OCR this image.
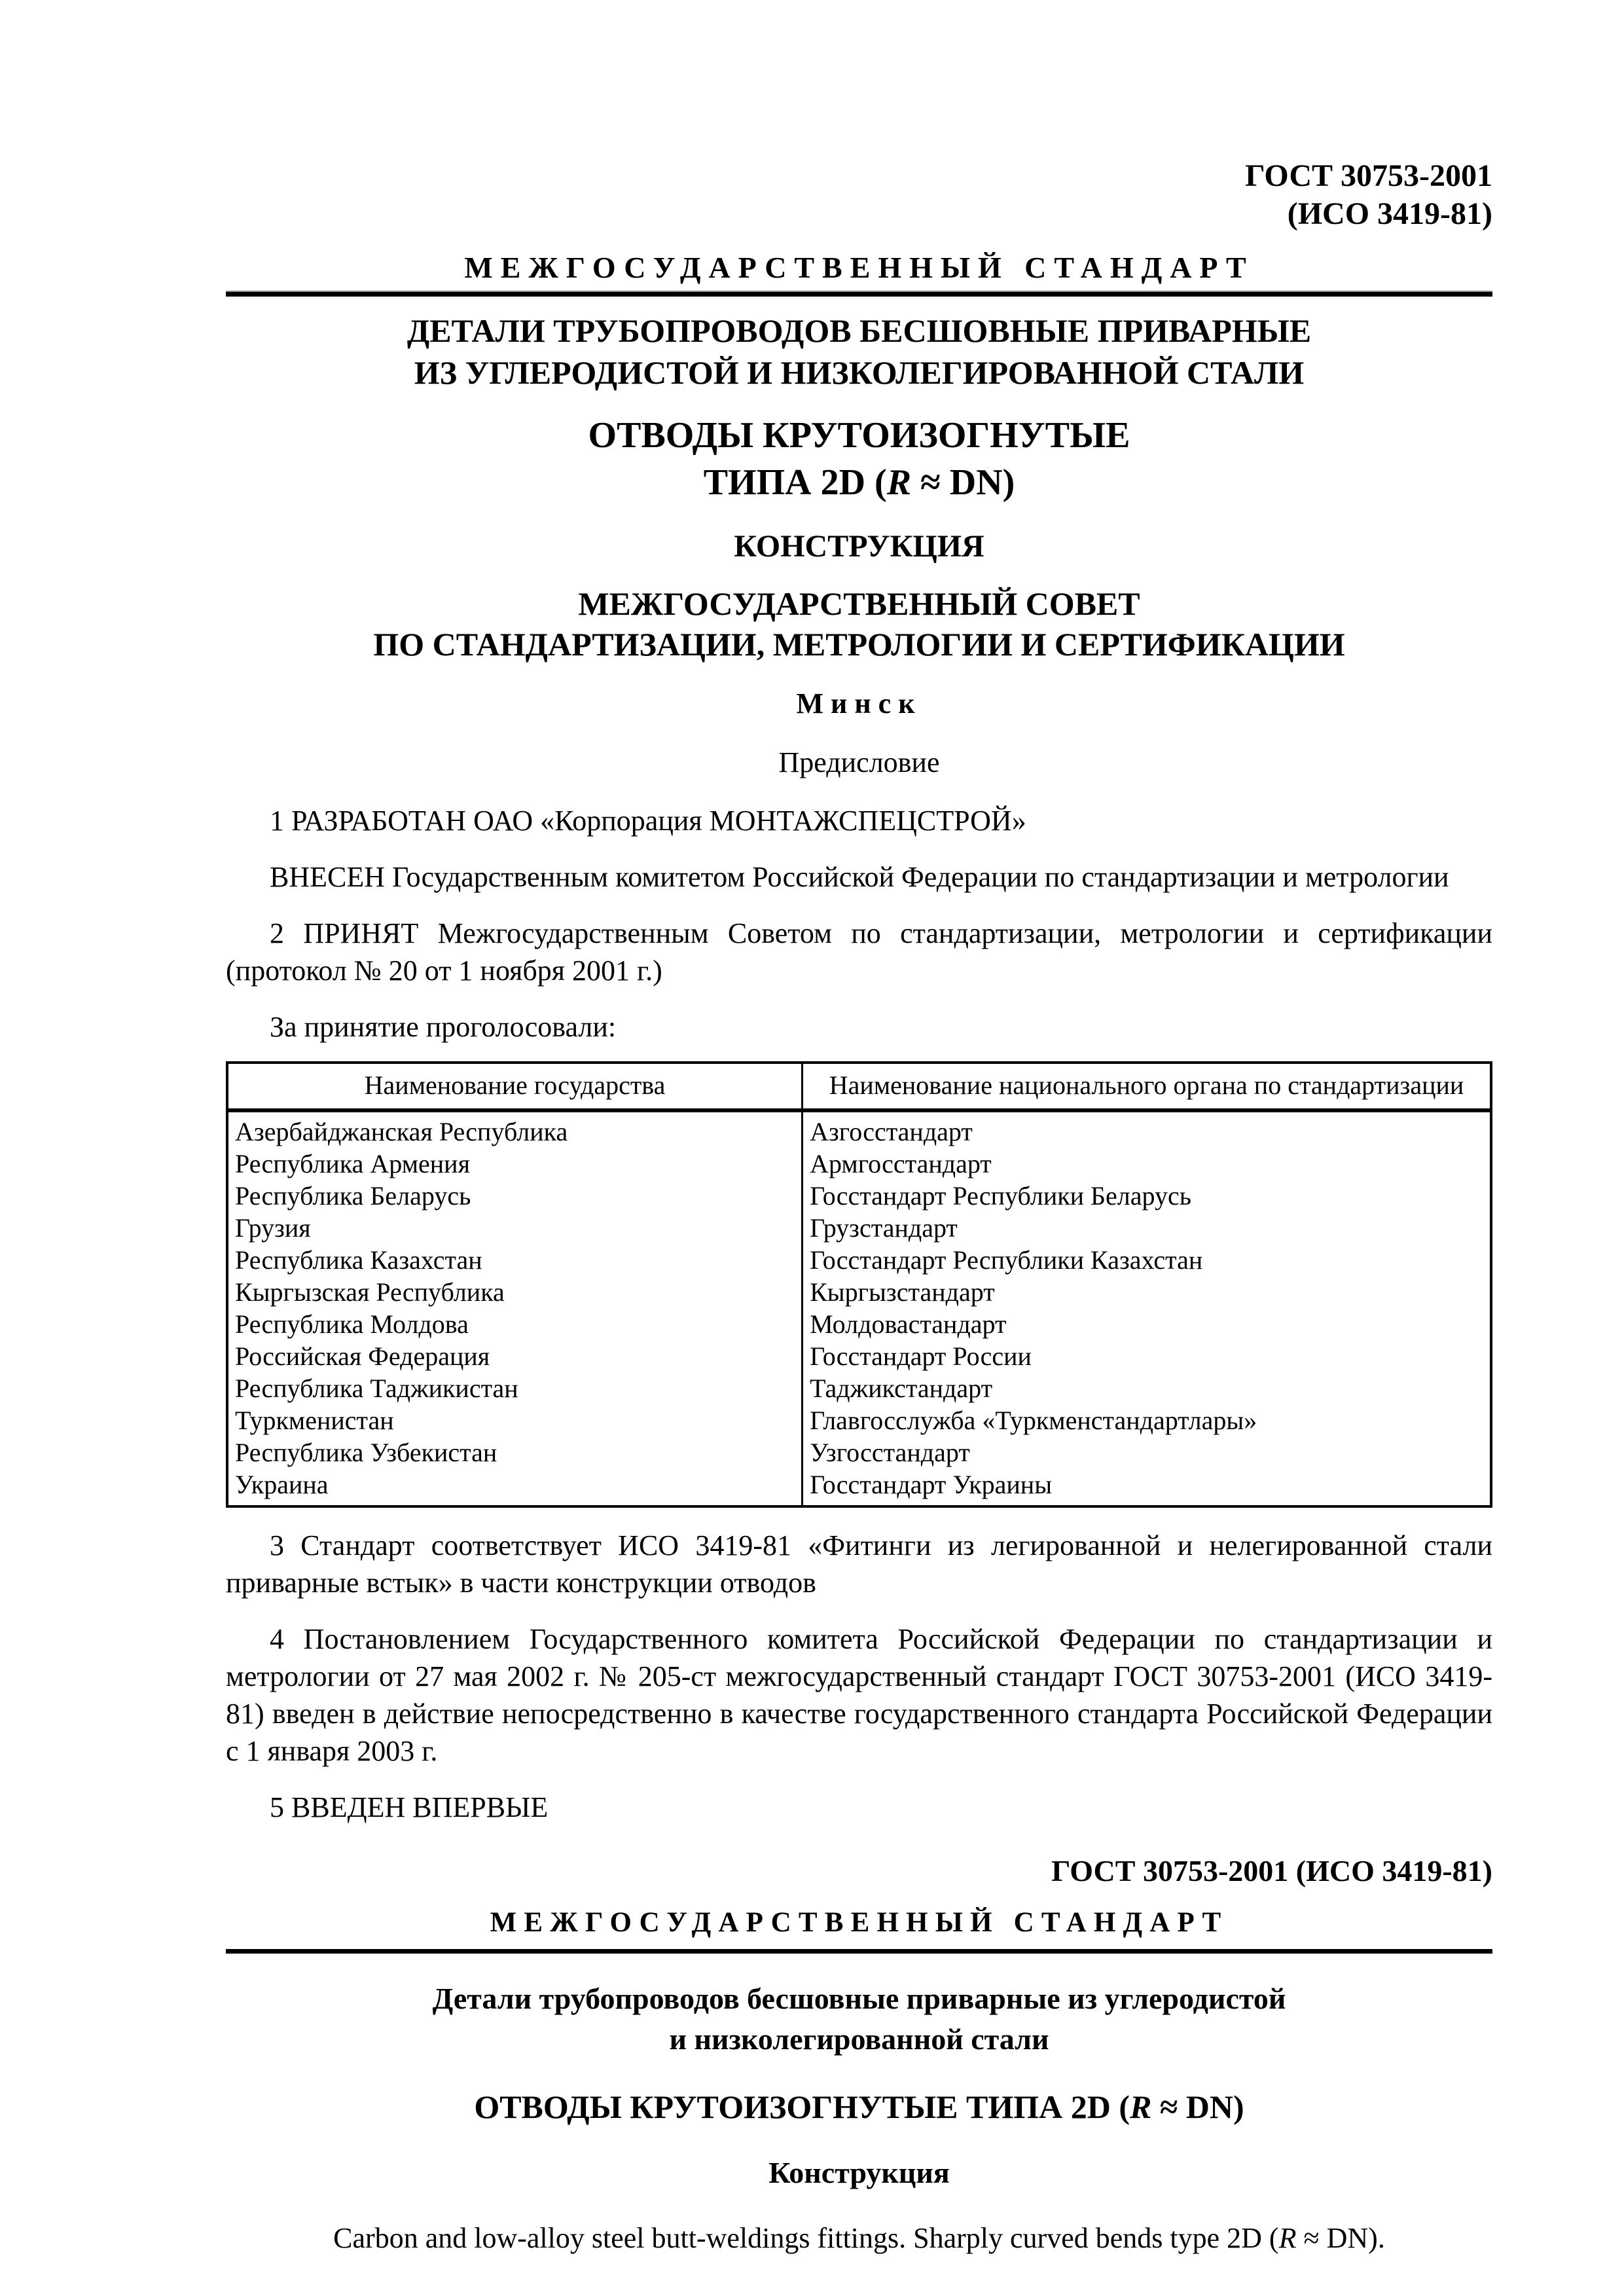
ГОСТ 30753-2001
(ИСО 3419-81)
МЕЖГОСУДАРСТВЕННЫЙ СТАНДАРТ
ДЕТАЛИ ТРУБОПРОВОДОВ БЕСШОВНЫЕ ПРИВАРНЫЕ
ИЗ УГЛЕРОДИСТОЙ И НИЗКОЛЕГИРОВАННОЙ СТАЛИ
ОТВОДЫ КРУТОИЗОГНУТЫЕ
ТИПА 2D (R ≈ DN)
КОНСТРУКЦИЯ
МЕЖГОСУДАРСТВЕННЫЙ СОВЕТ
ПО СТАНДАРТИЗАЦИИ, МЕТРОЛОГИИ И СЕРТИФИКАЦИИ
Минск
Предисловие

1 РАЗРАБОТАН ОАО «Корпорация МОНТАЖСПЕЦСТРОЙ»

ВНЕСЕН Государственным комитетом Российской Федерации по стандартизации и метрологии

2 ПРИНЯТ Межгосударственным Советом по стандартизации, метрологии и сертификации (протокол № 20 от 1 ноября 2001 г.)

За принятие проголосовали:

Наименование государства	Наименование национального органа по стандартизации
Азербайджанская Республика	Азгосстандарт
Республика Армения	Армгосстандарт
Республика Беларусь	Госстандарт Республики Беларусь
Грузия	Грузстандарт
Республика Казахстан	Госстандарт Республики Казахстан
Кыргызская Республика	Кыргызстандарт
Республика Молдова	Молдовастандарт
Российская Федерация	Госстандарт России
Республика Таджикистан	Таджикстандарт
Туркменистан	Главгосслужба «Туркменстандартлары»
Республика Узбекистан	Узгосстандарт
Украина	Госстандарт Украины

3 Стандарт соответствует ИСО 3419-81 «Фитинги из легированной и нелегированной стали приварные встык» в части конструкции отводов

4 Постановлением Государственного комитета Российской Федерации по стандартизации и метрологии от 27 мая 2002 г. № 205-ст межгосударственный стандарт ГОСТ 30753-2001 (ИСО 3419-81) введен в действие непосредственно в качестве государственного стандарта Российской Федерации с 1 января 2003 г.

5 ВВЕДЕН ВПЕРВЫЕ

ГОСТ 30753-2001 (ИСО 3419-81)
МЕЖГОСУДАРСТВЕННЫЙ СТАНДАРТ
Детали трубопроводов бесшовные приварные из углеродистой
и низколегированной стали
ОТВОДЫ КРУТОИЗОГНУТЫЕ ТИПА 2D (R ≈ DN)
Конструкция
Carbon and low-alloy steel butt-weldings fittings. Sharply curved bends type 2D (R ≈ DN).
